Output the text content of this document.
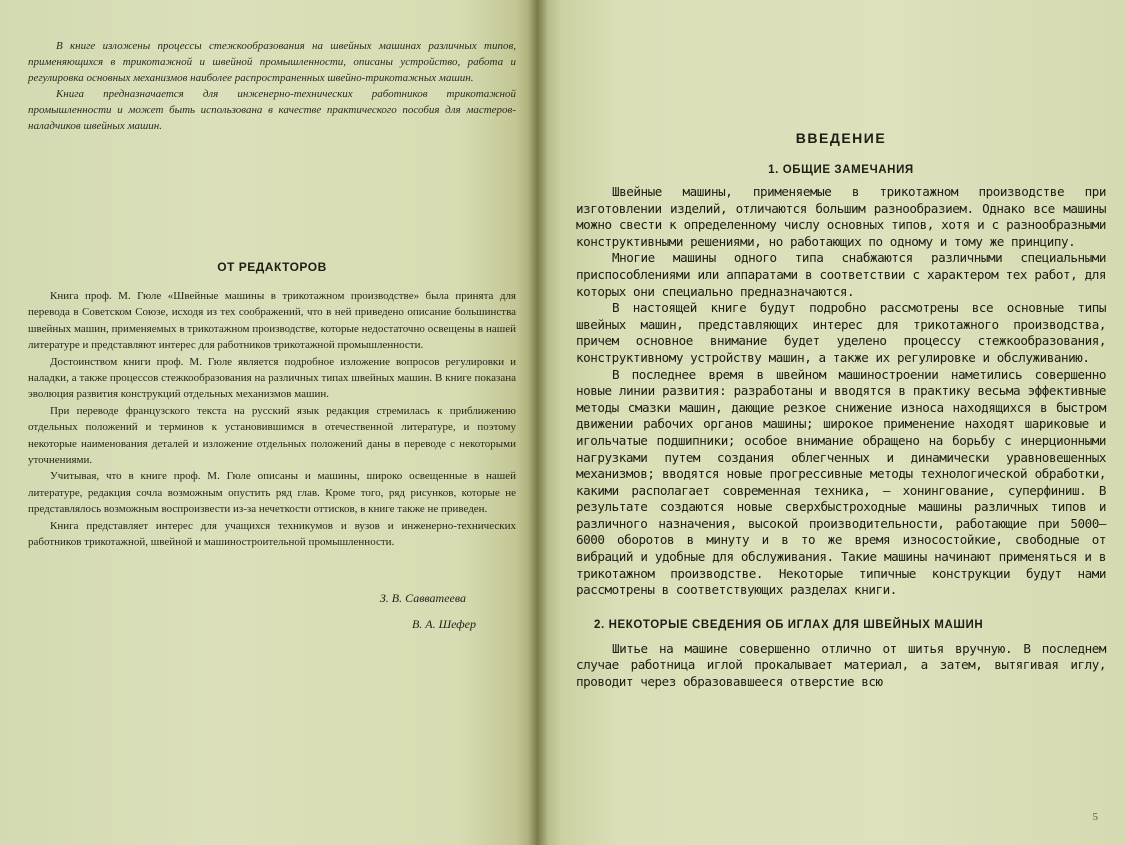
В книге изложены процессы стежкообразования на швейных машинах различных типов, применяющихся в трикотажной и швейной промышленности, описаны устройство, работа и регулировка основных механизмов наиболее распространенных швейно-трикотажных машин.

Книга предназначается для инженерно-технических работников трикотажной промышленности и может быть использована в качестве практического пособия для мастеров-наладчиков швейных машин.

ОТ РЕДАКТОРОВ

Книга проф. М. Гюле «Швейные машины в трикотажном производстве» была принята для перевода в Советском Союзе, исходя из тех соображений, что в ней приведено описание большинства швейных машин, применяемых в трикотажном производстве, которые недостаточно освещены в нашей литературе и представляют интерес для работников трикотажной промышленности.

Достоинством книги проф. М. Гюле является подробное изложение вопросов регулировки и наладки, а также процессов стежкообразования на различных типах швейных машин. В книге показана эволюция развития конструкций отдельных механизмов машин.

При переводе французского текста на русский язык редакция стремилась к приближению отдельных положений и терминов к установившимся в отечественной литературе, и поэтому некоторые наименования деталей и изложение отдельных положений даны в переводе с некоторыми уточнениями.

Учитывая, что в книге проф. М. Гюле описаны и машины, широко освещенные в нашей литературе, редакция сочла возможным опустить ряд глав. Кроме того, ряд рисунков, которые не представлялось возможным воспроизвести из-за нечеткости оттисков, в книге также не приведен.

Книга представляет интерес для учащихся техникумов и вузов и инженерно-технических работников трикотажной, швейной и машиностроительной промышленности.

З. В. Савватеева
В. А. Шефер
ВВЕДЕНИЕ
1. ОБЩИЕ ЗАМЕЧАНИЯ

Швейные машины, применяемые в трикотажном производстве при изготовлении изделий, отличаются большим разнообразием. Однако все машины можно свести к определенному числу основных типов, хотя и с разнообразными конструктивными решениями, но работающих по одному и тому же принципу.

Многие машины одного типа снабжаются различными специальными приспособлениями или аппаратами в соответствии с характером тех работ, для которых они специально предназначаются.

В настоящей книге будут подробно рассмотрены все основные типы швейных машин, представляющих интерес для трикотажного производства, причем основное внимание будет уделено процессу стежкообразования, конструктивному устройству машин, а также их регулировке и обслуживанию.

В последнее время в швейном машиностроении наметились совершенно новые линии развития: разработаны и вводятся в практику весьма эффективные методы смазки машин, дающие резкое снижение износа находящихся в быстром движении рабочих органов машины; широкое применение находят шариковые и игольчатые подшипники; особое внимание обращено на борьбу с инерционными нагрузками путем создания облегченных и динамически уравновешенных механизмов; вводятся новые прогрессивные методы технологической обработки, какими располагает современная техника, — хонингование, суперфиниш. В результате создаются новые сверхбыстроходные машины различных типов и различного назначения, высокой производительности, работающие при 5000—6000 оборотов в минуту и в то же время износостойкие, свободные от вибраций и удобные для обслуживания. Такие машины начинают применяться и в трикотажном производстве. Некоторые типичные конструкции будут нами рассмотрены в соответствующих разделах книги.

2. НЕКОТОРЫЕ СВЕДЕНИЯ ОБ ИГЛАХ ДЛЯ ШВЕЙНЫХ МАШИН

Шитье на машине совершенно отлично от шитья вручную. В последнем случае работница иглой прокалывает материал, а затем, вытягивая иглу, проводит через образовавшееся отверстие всю

5
